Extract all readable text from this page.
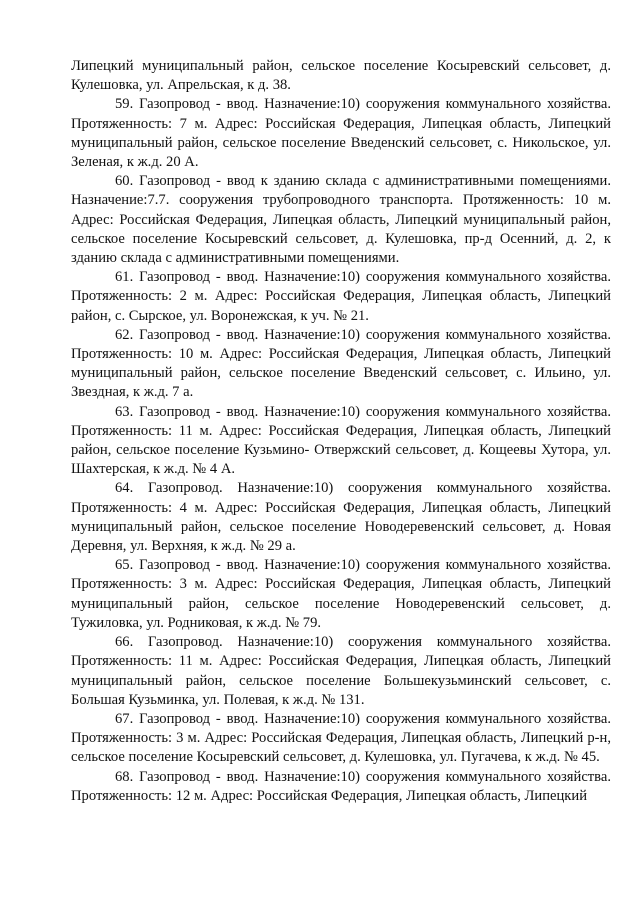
Липецкий муниципальный район, сельское поселение Косыревский сельсовет, д. Кулешовка, ул. Апрельская, к д. 38.

59. Газопровод - ввод. Назначение:10) сооружения коммунального хозяйства. Протяженность: 7 м. Адрес: Российская Федерация, Липецкая область, Липецкий муниципальный район, сельское поселение Введенский сельсовет, с. Никольское, ул. Зеленая, к ж.д. 20 А.

60. Газопровод - ввод к зданию склада с административными помещениями. Назначение:7.7. сооружения трубопроводного транспорта. Протяженность: 10 м. Адрес: Российская Федерация, Липецкая область, Липецкий муниципальный район, сельское поселение Косыревский сельсовет, д. Кулешовка, пр-д Осенний, д. 2, к зданию склада с административными помещениями.

61. Газопровод - ввод. Назначение:10) сооружения коммунального хозяйства. Протяженность: 2 м. Адрес: Российская Федерация, Липецкая область, Липецкий район, с. Сырское, ул. Воронежская, к уч. № 21.

62. Газопровод - ввод. Назначение:10) сооружения коммунального хозяйства. Протяженность: 10 м. Адрес: Российская Федерация, Липецкая область, Липецкий муниципальный район, сельское поселение Введенский сельсовет, с. Ильино, ул. Звездная, к ж.д. 7 а.

63. Газопровод - ввод. Назначение:10) сооружения коммунального хозяйства. Протяженность: 11 м. Адрес: Российская Федерация, Липецкая область, Липецкий район, сельское поселение Кузьмино- Отвержский сельсовет, д. Кощеевы Хутора, ул. Шахтерская, к ж.д. № 4 А.

64. Газопровод. Назначение:10) сооружения коммунального хозяйства. Протяженность: 4 м. Адрес: Российская Федерация, Липецкая область, Липецкий муниципальный район, сельское поселение Новодеревенский сельсовет, д. Новая Деревня, ул. Верхняя, к ж.д. № 29 а.

65. Газопровод - ввод. Назначение:10) сооружения коммунального хозяйства. Протяженность: 3 м. Адрес: Российская Федерация, Липецкая область, Липецкий муниципальный район, сельское поселение Новодеревенский сельсовет, д. Тужиловка, ул. Родниковая, к ж.д. № 79.

66. Газопровод. Назначение:10) сооружения коммунального хозяйства. Протяженность: 11 м. Адрес: Российская Федерация, Липецкая область, Липецкий муниципальный район, сельское поселение Большекузьминский сельсовет, с. Большая Кузьминка, ул. Полевая, к ж.д. № 131.

67. Газопровод - ввод. Назначение:10) сооружения коммунального хозяйства. Протяженность: 3 м. Адрес: Российская Федерация, Липецкая область, Липецкий р-н, сельское поселение Косыревский сельсовет, д. Кулешовка, ул. Пугачева, к ж.д. № 45.

68. Газопровод - ввод. Назначение:10) сооружения коммунального хозяйства. Протяженность: 12 м. Адрес: Российская Федерация, Липецкая область, Липецкий
